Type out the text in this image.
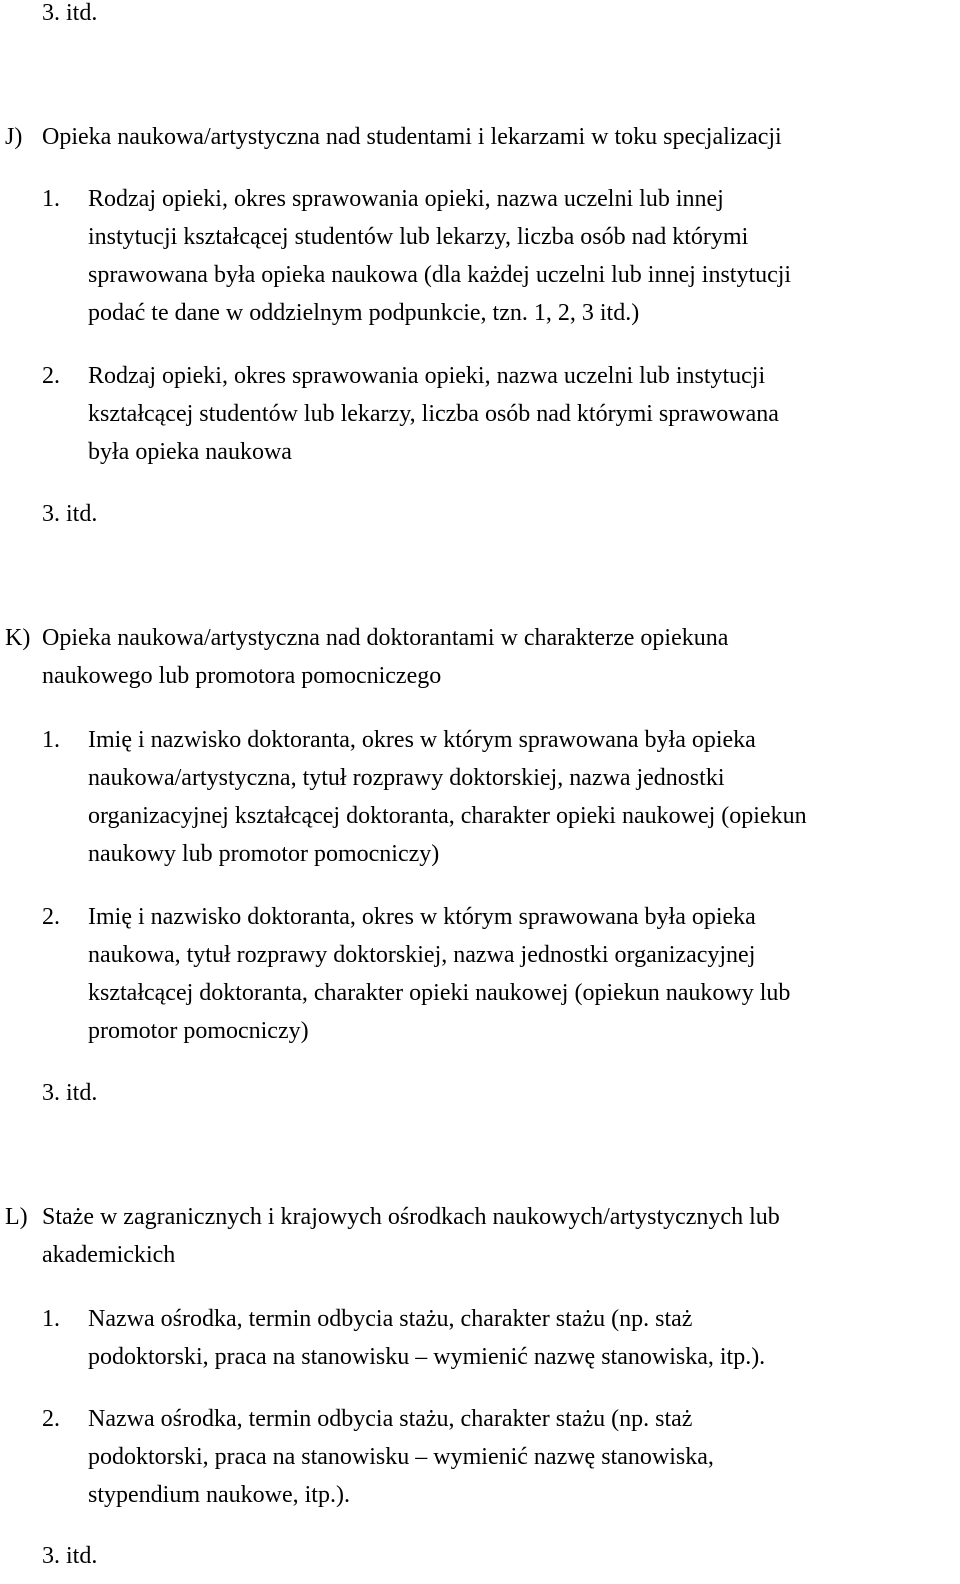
3. itd.
J) Opieka naukowa/artystyczna nad studentami i lekarzami w toku specjalizacji
1. Rodzaj opieki, okres sprawowania opieki, nazwa uczelni lub innej
instytucji kształcącej studentów lub lekarzy, liczba osób nad którymi
sprawowana była opieka naukowa (dla każdej uczelni lub innej instytucji
podać te dane w oddzielnym podpunkcie, tzn. 1, 2, 3 itd.)
2. Rodzaj opieki, okres sprawowania opieki, nazwa uczelni lub instytucji
kształcącej studentów lub lekarzy, liczba osób nad którymi sprawowana
była opieka naukowa
3. itd.
K) Opieka naukowa/artystyczna nad doktorantami w charakterze opiekuna
naukowego lub promotora pomocniczego
1. Imię i nazwisko doktoranta, okres w którym sprawowana była opieka
naukowa/artystyczna, tytuł rozprawy doktorskiej, nazwa jednostki
organizacyjnej kształcącej doktoranta, charakter opieki naukowej (opiekun
naukowy lub promotor pomocniczy)
2. Imię i nazwisko doktoranta, okres w którym sprawowana była opieka
naukowa, tytuł rozprawy doktorskiej, nazwa jednostki organizacyjnej
kształcącej doktoranta, charakter opieki naukowej (opiekun naukowy lub
promotor pomocniczy)
3. itd.
L) Staże w zagranicznych i krajowych ośrodkach naukowych/artystycznych lub
akademickich
1. Nazwa ośrodka, termin odbycia stażu, charakter stażu (np. staż
podoktorski, praca na stanowisku – wymienić nazwę stanowiska, itp.).
2. Nazwa ośrodka, termin odbycia stażu, charakter stażu (np. staż
podoktorski, praca na stanowisku – wymienić nazwę stanowiska,
stypendium naukowe, itp.).
3. itd.
